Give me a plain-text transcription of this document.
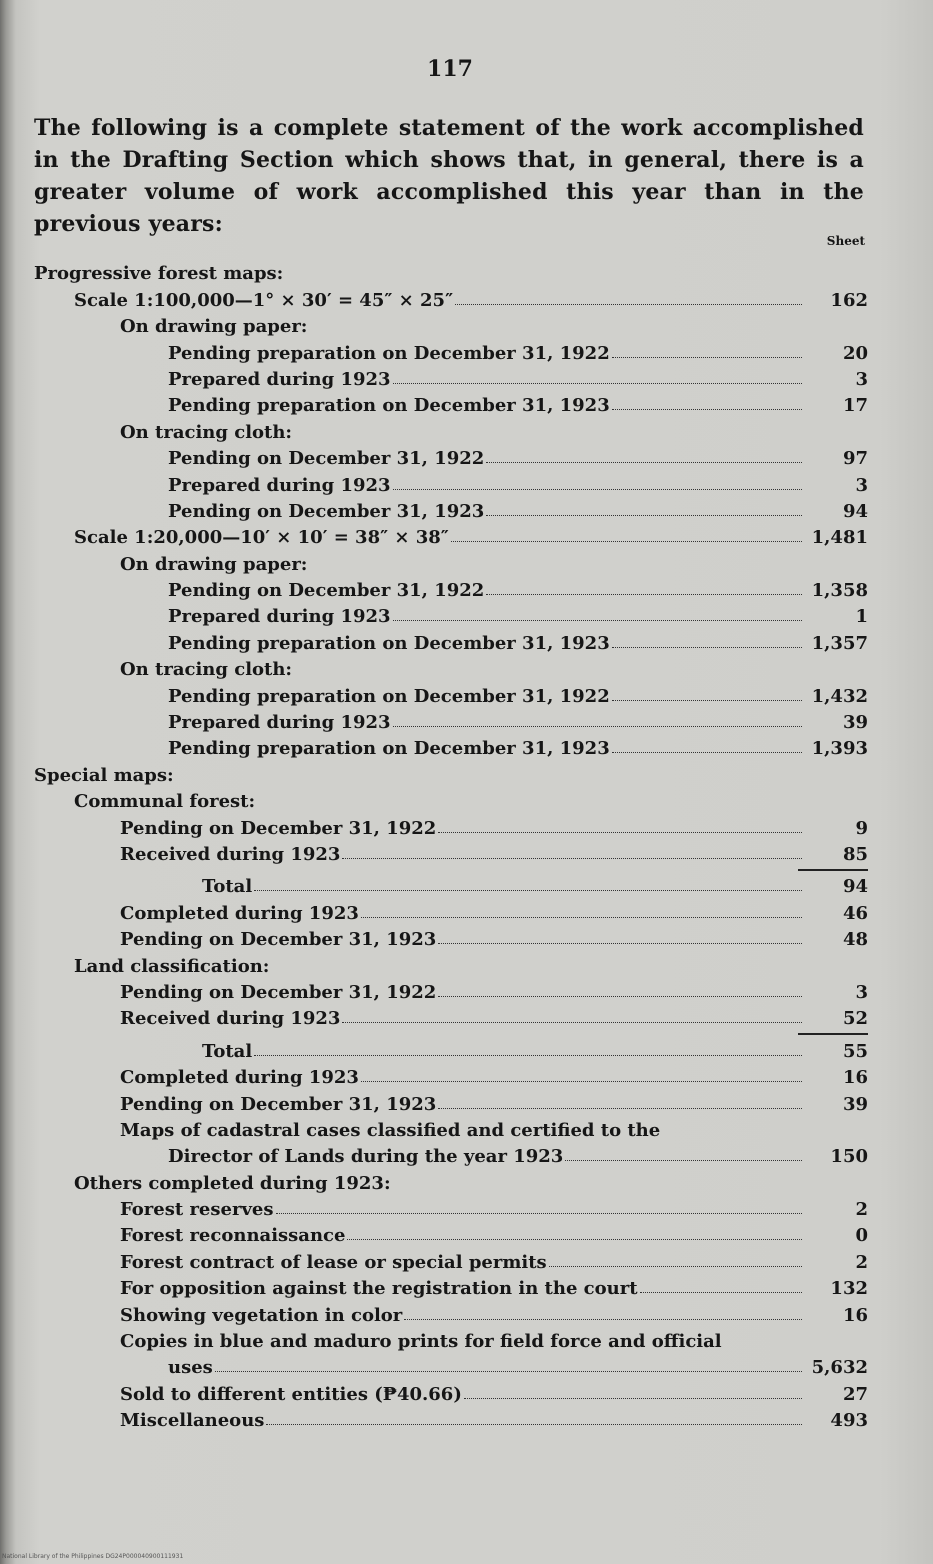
117
The following is a complete statement of the work accomplished in the Drafting Section which shows that, in general, there is a greater volume of work accomplished this year than in the previous years:
Sheet
Progressive forest maps:
Scale 1:100,000—1° × 30′ = 45″ × 25″	162
On drawing paper:
Pending preparation on December 31, 1922	20
Prepared during 1923	3
Pending preparation on December 31, 1923	17
On tracing cloth:
Pending on December 31, 1922	97
Prepared during 1923	3
Pending on December 31, 1923	94
Scale 1:20,000—10′ × 10′ = 38″ × 38″	1,481
On drawing paper:
Pending on December 31, 1922	1,358
Prepared during 1923	1
Pending preparation on December 31, 1923	1,357
On tracing cloth:
Pending preparation on December 31, 1922	1,432
Prepared during 1923	39
Pending preparation on December 31, 1923	1,393
Special maps:
Communal forest:
Pending on December 31, 1922	9
Received during 1923	85
Total	94
Completed during 1923	46
Pending on December 31, 1923	48
Land classification:
Pending on December 31, 1922	3
Received during 1923	52
Total	55
Completed during 1923	16
Pending on December 31, 1923	39
Maps of cadastral cases classified and certified to the
Director of Lands during the year 1923	150
Others completed during 1923:
Forest reserves	2
Forest reconnaissance	0
Forest contract of lease or special permits	2
For opposition against the registration in the court	132
Showing vegetation in color	16
Copies in blue and maduro prints for field force and official
uses	5,632
Sold to different entities (₱40.66)	27
Miscellaneous	493
National Library of the Philippines DG24P000040900111931
